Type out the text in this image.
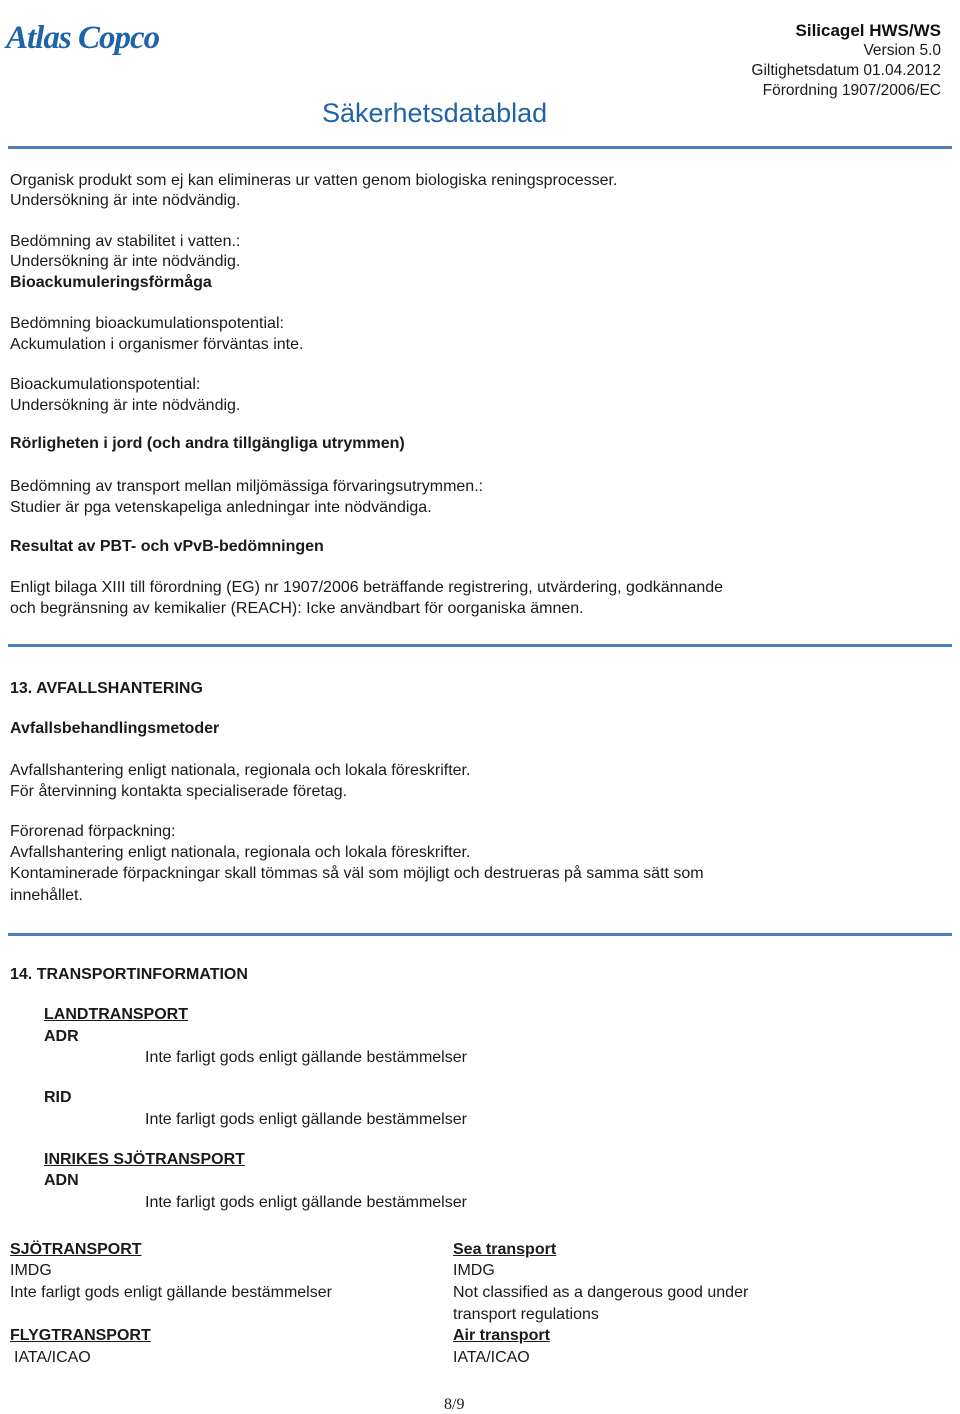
Atlas Copco	Silicagel HWS/WS
Version 5.0
Giltighetsdatum 01.04.2012
Förordning 1907/2006/EC
Säkerhetsdatablad
Organisk produkt som ej kan elimineras ur vatten genom biologiska reningsprocesser.
Undersökning är inte nödvändig.
Bedömning av stabilitet i vatten.:
Undersökning är inte nödvändig.
Bioackumuleringsförmåga
Bedömning bioackumulationspotential:
Ackumulation i organismer förväntas inte.
Bioackumulationspotential:
Undersökning är inte nödvändig.
Rörligheten i jord (och andra tillgängliga utrymmen)
Bedömning av transport mellan miljömässiga förvaringsutrymmen.:
Studier är pga vetenskapeliga anledningar inte nödvändiga.
Resultat av PBT- och vPvB-bedömningen
Enligt bilaga XIII till förordning (EG) nr 1907/2006 beträffande registrering, utvärdering, godkännande
och begränsning av kemikalier (REACH): Icke användbart för oorganiska ämnen.
13. AVFALLSHANTERING
Avfallsbehandlingsmetoder
Avfallshantering enligt nationala, regionala och lokala föreskrifter.
För återvinning kontakta specialiserade företag.
Förorenad förpackning:
Avfallshantering enligt nationala, regionala och lokala föreskrifter.
Kontaminerade förpackningar skall tömmas så väl som möjligt och destrueras på samma sätt som
innehållet.
14. TRANSPORTINFORMATION
LANDTRANSPORT
ADR
Inte farligt gods enligt gällande bestämmelser
RID
Inte farligt gods enligt gällande bestämmelser
INRIKES SJÖTRANSPORT
ADN
Inte farligt gods enligt gällande bestämmelser
SJÖTRANSPORT
IMDG
Inte farligt gods enligt gällande bestämmelser
Sea transport
IMDG
Not classified as a dangerous good under
transport regulations
FLYGTRANSPORT
IATA/ICAO
Air transport
IATA/ICAO
8/9
